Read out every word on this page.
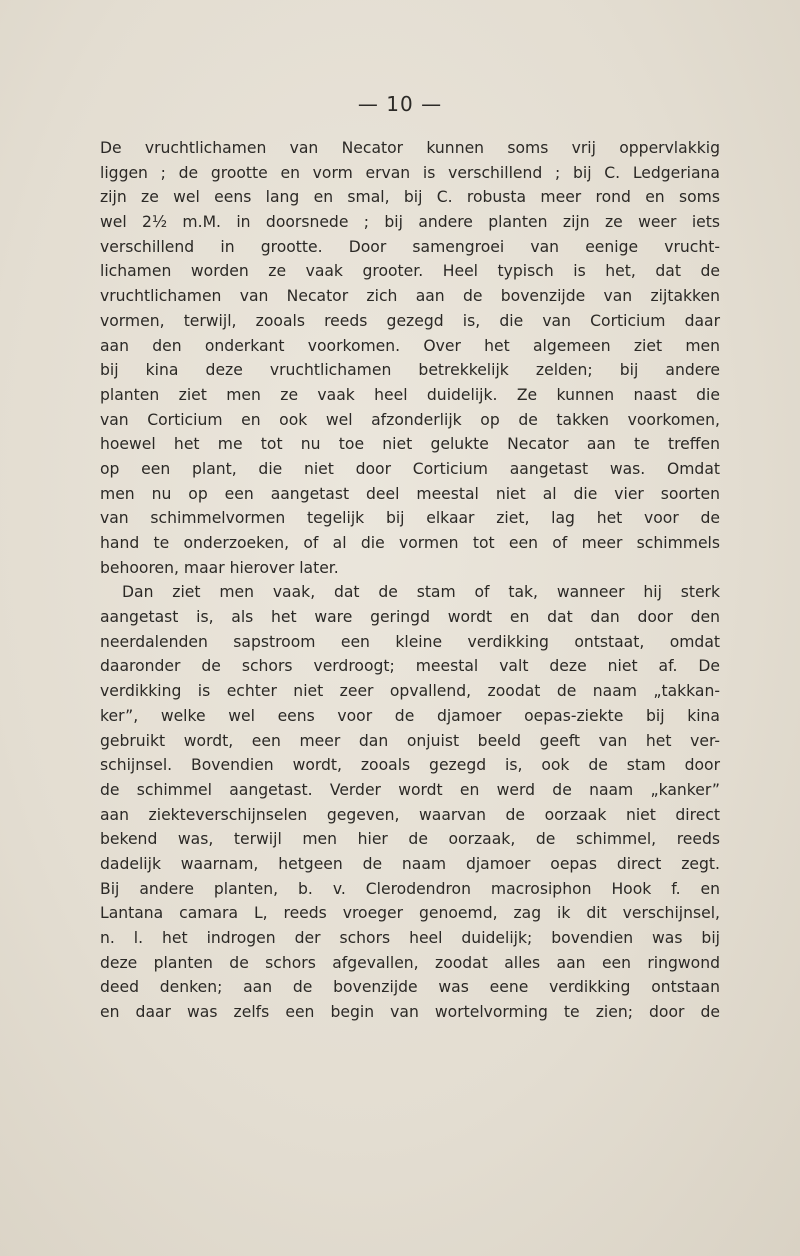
— 10 —
De vruchtlichamen van Necator kunnen soms vrij oppervlakkig
liggen ; de grootte en vorm ervan is verschillend ; bij C. Ledgeriana
zijn ze wel eens lang en smal, bij C. robusta meer rond en soms
wel 2½ m.M. in doorsnede ; bij andere planten zijn ze weer iets
verschillend in grootte. Door samengroei van eenige vrucht-
lichamen worden ze vaak grooter. Heel typisch is het, dat de
vruchtlichamen van Necator zich aan de bovenzijde van zijtakken
vormen, terwijl, zooals reeds gezegd is, die van Corticium daar
aan den onderkant voorkomen. Over het algemeen ziet men
bij kina deze vruchtlichamen betrekkelijk zelden; bij andere
planten ziet men ze vaak heel duidelijk. Ze kunnen naast die
van Corticium en ook wel afzonderlijk op de takken voorkomen,
hoewel het me tot nu toe niet gelukte Necator aan te treffen
op een plant, die niet door Corticium aangetast was. Omdat
men nu op een aangetast deel meestal niet al die vier soorten
van schimmelvormen tegelijk bij elkaar ziet, lag het voor de
hand te onderzoeken, of al die vormen tot een of meer schimmels
behooren, maar hierover later.
Dan ziet men vaak, dat de stam of tak, wanneer hij sterk
aangetast is, als het ware geringd wordt en dat dan door den
neerdalenden sapstroom een kleine verdikking ontstaat, omdat
daaronder de schors verdroogt; meestal valt deze niet af. De
verdikking is echter niet zeer opvallend, zoodat de naam „takkan-
ker”, welke wel eens voor de djamoer oepas-ziekte bij kina
gebruikt wordt, een meer dan onjuist beeld geeft van het ver-
schijnsel. Bovendien wordt, zooals gezegd is, ook de stam door
de schimmel aangetast. Verder wordt en werd de naam „kanker”
aan ziekteverschijnselen gegeven, waarvan de oorzaak niet direct
bekend was, terwijl men hier de oorzaak, de schimmel, reeds
dadelijk waarnam, hetgeen de naam djamoer oepas direct zegt.
Bij andere planten, b. v. Clerodendron macrosiphon Hook f. en
Lantana camara L, reeds vroeger genoemd, zag ik dit verschijnsel,
n. l. het indrogen der schors heel duidelijk; bovendien was bij
deze planten de schors afgevallen, zoodat alles aan een ringwond
deed denken; aan de bovenzijde was eene verdikking ontstaan
en daar was zelfs een begin van wortelvorming te zien; door de
